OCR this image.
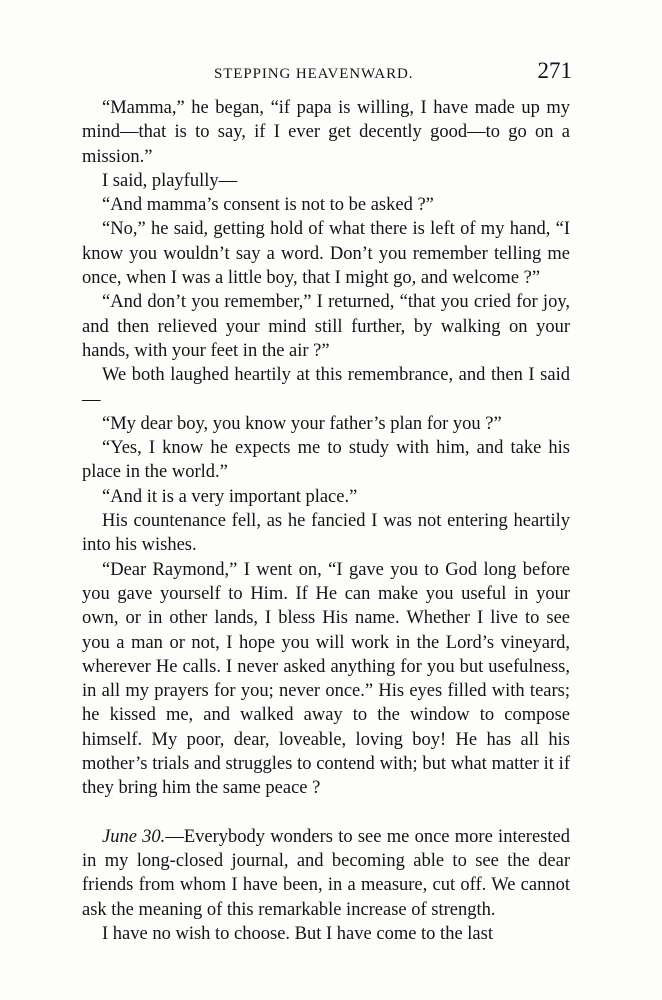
STEPPING HEAVENWARD.	271

“Mamma,” he began, “if papa is willing, I have made up my mind—that is to say, if I ever get decently good—to go on a mission.”

I said, playfully—

“And mamma’s consent is not to be asked ?”

“No,” he said, getting hold of what there is left of my hand, “I know you wouldn’t say a word. Don’t you remember telling me once, when I was a little boy, that I might go, and welcome ?”

“And don’t you remember,” I returned, “that you cried for joy, and then relieved your mind still further, by walking on your hands, with your feet in the air ?”

We both laughed heartily at this remembrance, and then I said—

“My dear boy, you know your father’s plan for you ?”

“Yes, I know he expects me to study with him, and take his place in the world.”

“And it is a very important place.”

His countenance fell, as he fancied I was not entering heartily into his wishes.

“Dear Raymond,” I went on, “I gave you to God long before you gave yourself to Him. If He can make you useful in your own, or in other lands, I bless His name. Whether I live to see you a man or not, I hope you will work in the Lord’s vineyard, wherever He calls. I never asked anything for you but usefulness, in all my prayers for you; never once.” His eyes filled with tears; he kissed me, and walked away to the window to compose himself. My poor, dear, loveable, loving boy! He has all his mother’s trials and struggles to contend with; but what matter it if they bring him the same peace ?

June 30.—Everybody wonders to see me once more interested in my long-closed journal, and becoming able to see the dear friends from whom I have been, in a measure, cut off. We cannot ask the meaning of this remarkable increase of strength.

I have no wish to choose. But I have come to the last
